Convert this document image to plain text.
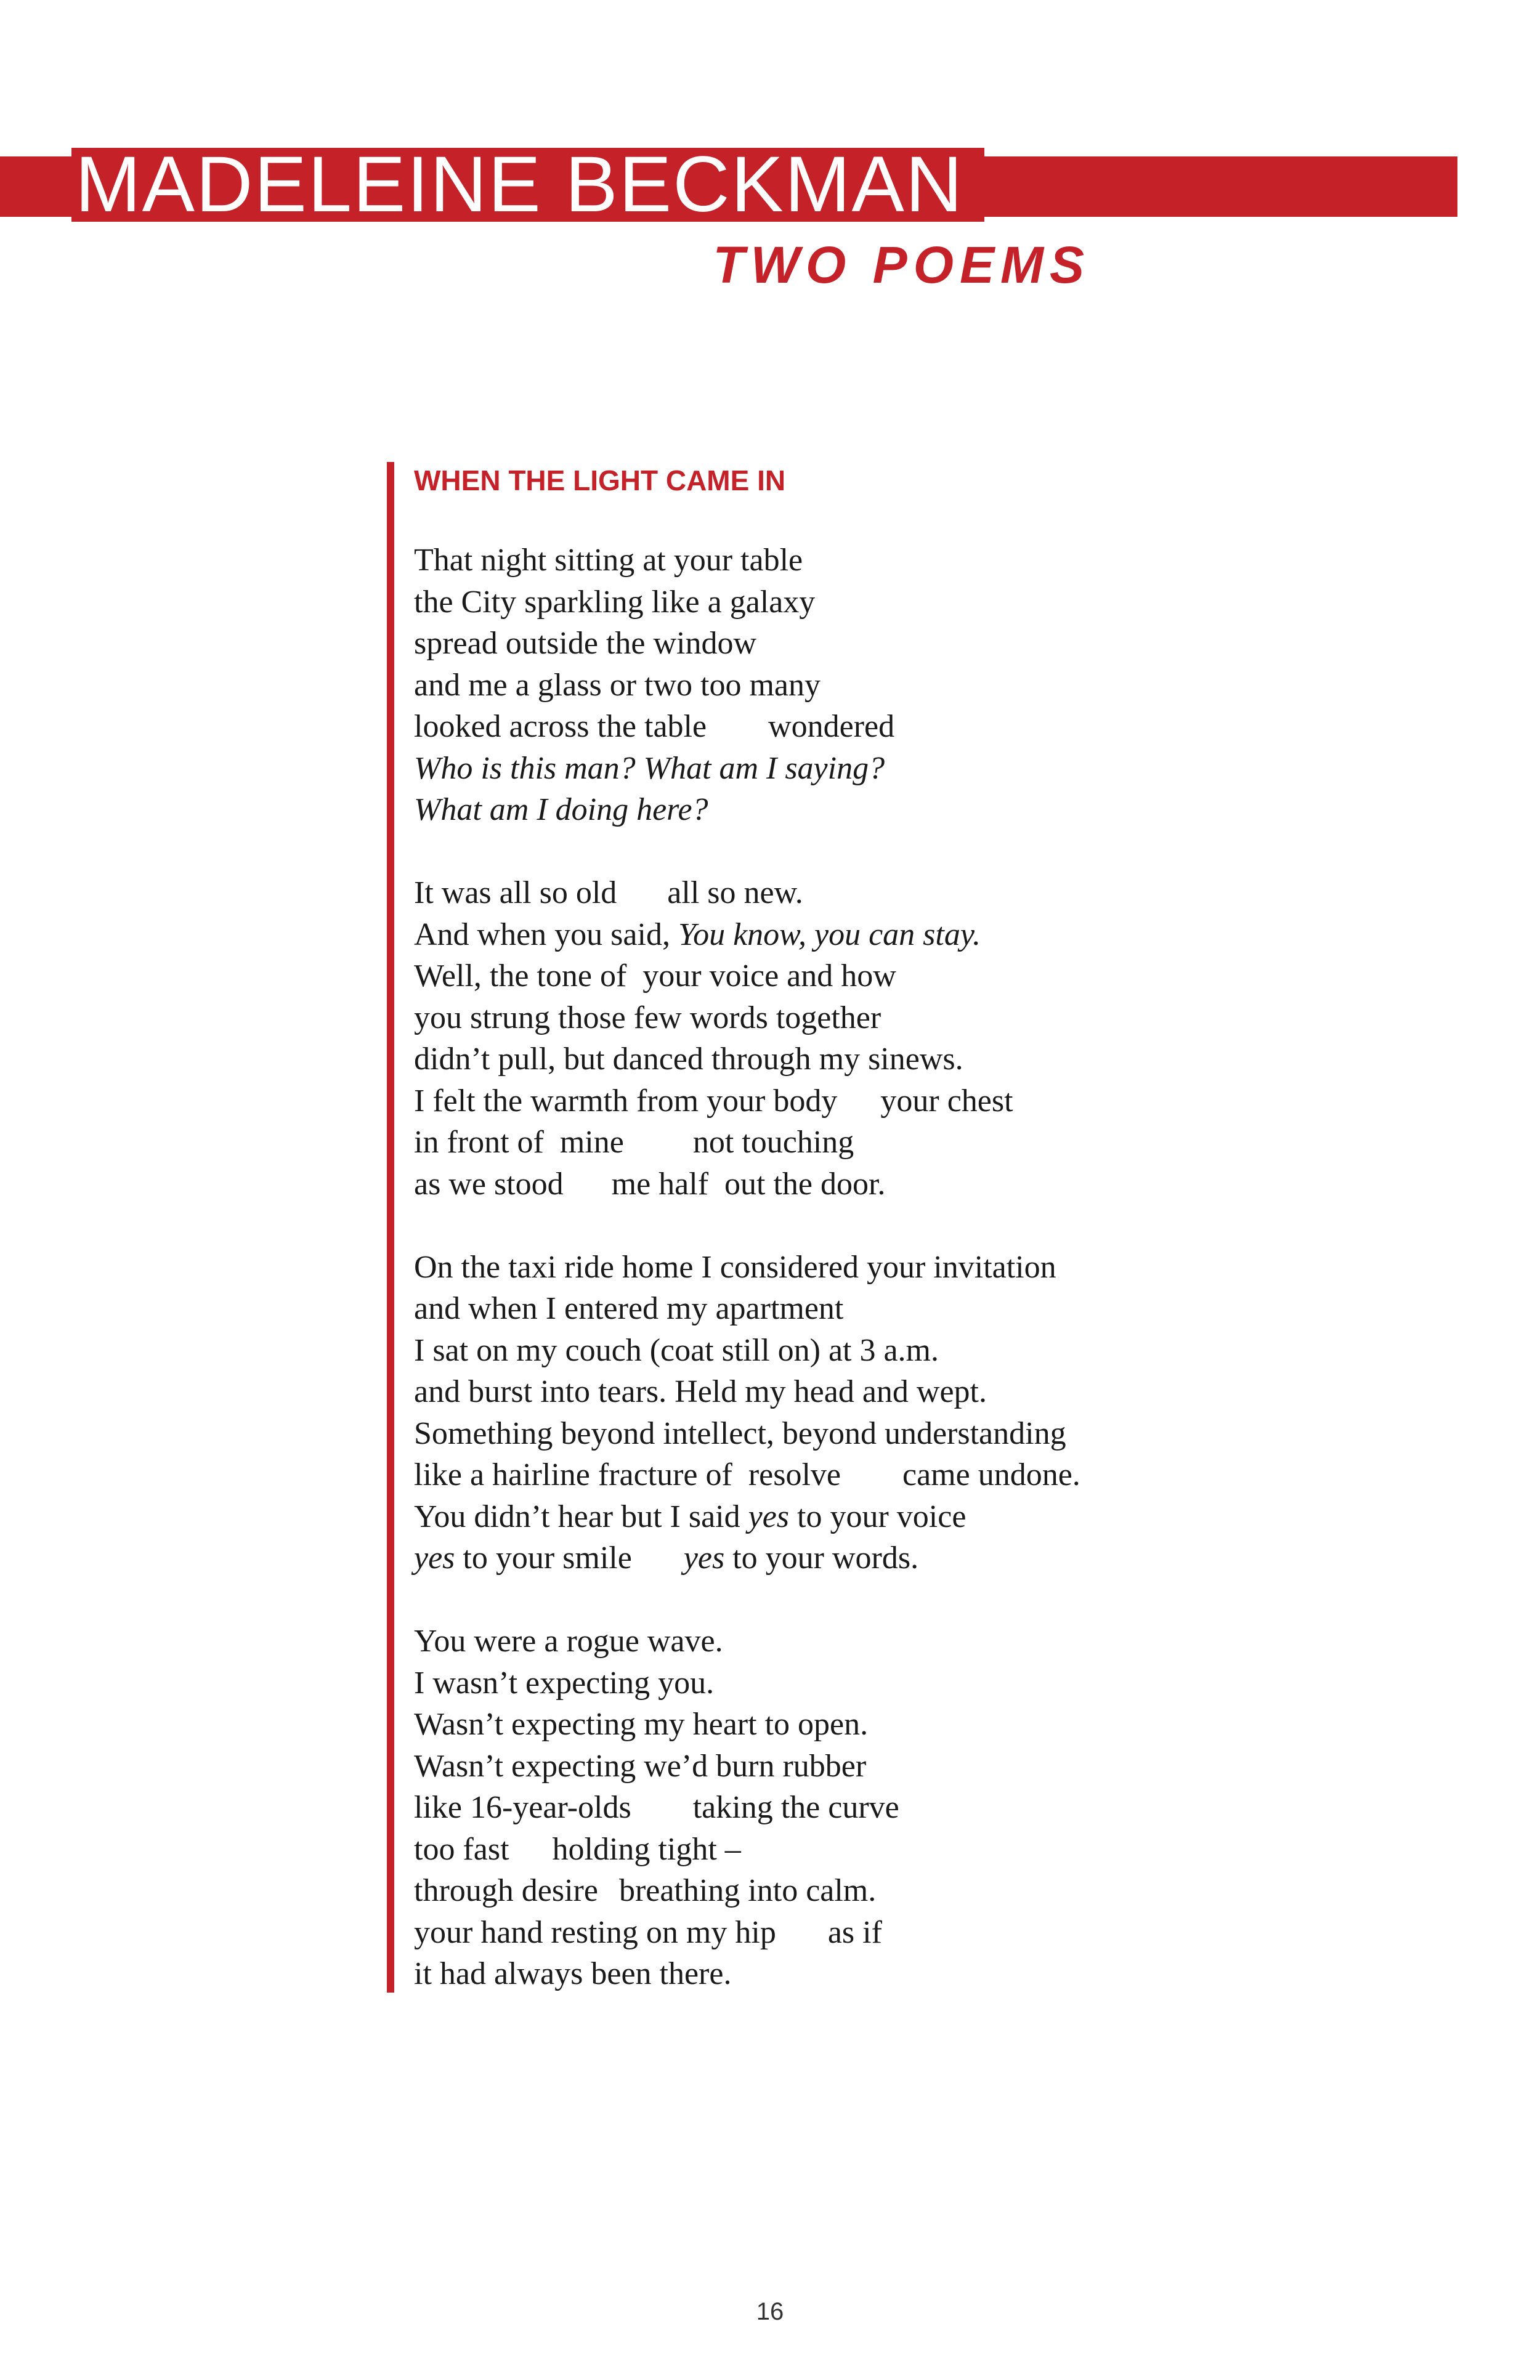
MADELEINE BECKMAN
TWO POEMS
WHEN THE LIGHT CAME IN
That night sitting at your table
the City sparkling like a galaxy
spread outside the window
and me a glass or two too many
looked across the table wondered
Who is this man? What am I saying?
What am I doing here?
It was all so old all so new.
And when you said, You know, you can stay.
Well, the tone of  your voice and how
you strung those few words together
didn’t pull, but danced through my sinews.
I felt the warmth from your body your chest
in front of  mine not touching
as we stood me half  out the door.
On the taxi ride home I considered your invitation
and when I entered my apartment
I sat on my couch (coat still on) at 3 a.m.
and burst into tears. Held my head and wept.
Something beyond intellect, beyond understanding
like a hairline fracture of  resolve came undone.
You didn’t hear but I said yes to your voice
yes to your smile yes to your words.
You were a rogue wave.
I wasn’t expecting you.
Wasn’t expecting my heart to open.
Wasn’t expecting we’d burn rubber
like 16-year-olds taking the curve
too fast holding tight –
through desire breathing into calm.
your hand resting on my hip as if
it had always been there.
16
